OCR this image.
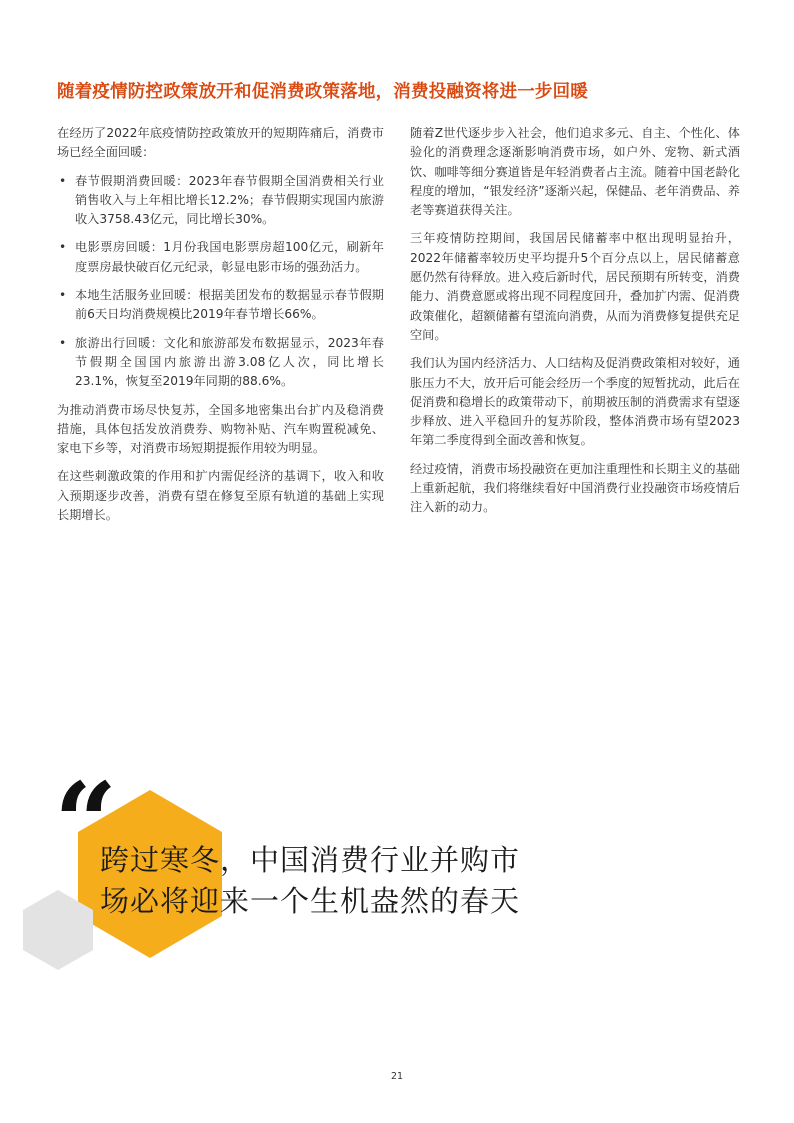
随着疫情防控政策放开和促消费政策落地，消费投融资将进一步回暖

在经历了2022年底疫情防控政策放开的短期阵痛后，消费市场已经全面回暖：

• 春节假期消费回暖：2023年春节假期全国消费相关行业销售收入与上年相比增长12.2%；春节假期实现国内旅游收入3758.43亿元，同比增长30%。
• 电影票房回暖：1月份我国电影票房超100亿元，刷新年度票房最快破百亿元纪录，彰显电影市场的强劲活力。
• 本地生活服务业回暖：根据美团发布的数据显示春节假期前6天日均消费规模比2019年春节增长66%。
• 旅游出行回暖：文化和旅游部发布数据显示，2023年春节假期全国国内旅游出游3.08亿人次，同比增长23.1%，恢复至2019年同期的88.6%。

为推动消费市场尽快复苏，全国多地密集出台扩内及稳消费措施，具体包括发放消费券、购物补贴、汽车购置税减免、家电下乡等，对消费市场短期提振作用较为明显。

在这些刺激政策的作用和扩内需促经济的基调下，收入和收入预期逐步改善，消费有望在修复至原有轨道的基础上实现长期增长。

随着Z世代逐步步入社会，他们追求多元、自主、个性化、体验化的消费理念逐渐影响消费市场，如户外、宠物、新式酒饮、咖啡等细分赛道皆是年轻消费者占主流。随着中国老龄化程度的增加，“银发经济”逐渐兴起，保健品、老年消费品、养老等赛道获得关注。

三年疫情防控期间，我国居民储蓄率中枢出现明显抬升，2022年储蓄率较历史平均提升5个百分点以上，居民储蓄意愿仍然有待释放。进入疫后新时代，居民预期有所转变，消费能力、消费意愿或将出现不同程度回升，叠加扩内需、促消费政策催化，超额储蓄有望流向消费，从而为消费修复提供充足空间。

我们认为国内经济活力、人口结构及促消费政策相对较好，通胀压力不大，放开后可能会经历一个季度的短暂扰动，此后在促消费和稳增长的政策带动下，前期被压制的消费需求有望逐步释放、进入平稳回升的复苏阶段，整体消费市场有望2023年第二季度得到全面改善和恢复。

经过疫情，消费市场投融资在更加注重理性和长期主义的基础上重新起航，我们将继续看好中国消费行业投融资市场疫情后注入新的动力。

“
跨过寒冬，中国消费行业并购市
场必将迎来一个生机盎然的春天
21
